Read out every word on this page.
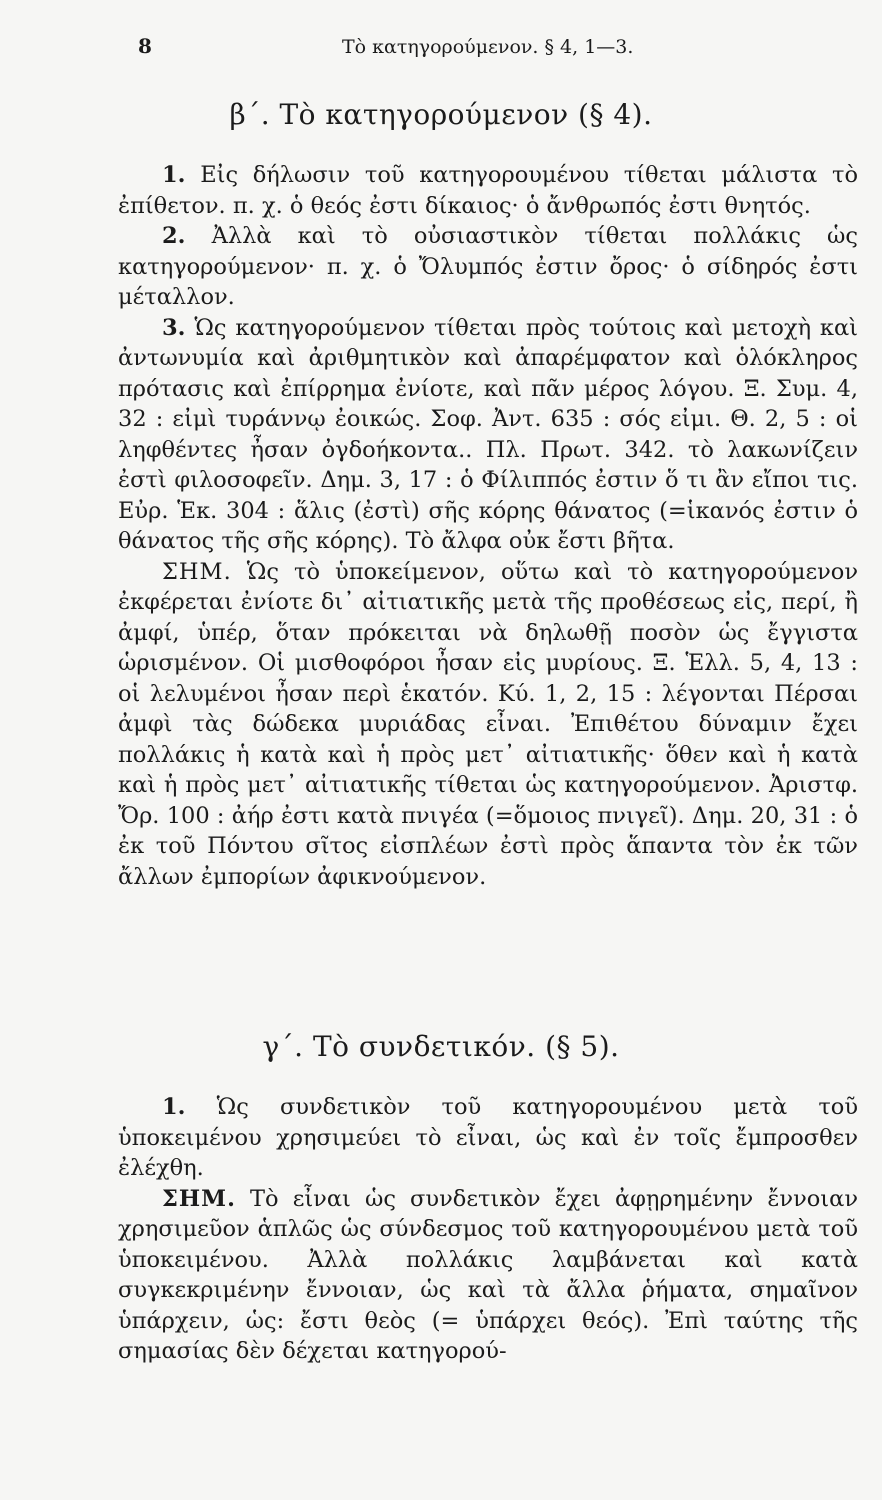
8	Τὸ κατηγορούμενον. § 4, 1—3.
β΄. Τὸ κατηγορούμενον (§ 4).

1. Εἰς δήλωσιν τοῦ κατηγορουμένου τίθεται μάλιστα τὸ ἐπίθετον. π. χ. ὁ θεός ἐστι δίκαιος· ὁ ἄνθρωπός ἐστι θνητός.

2. Ἀλλὰ καὶ τὸ οὐσιαστικὸν τίθεται πολλάκις ὡς κατηγορούμενον· π. χ. ὁ Ὄλυμπός ἐστιν ὄρος· ὁ σίδηρός ἐστι μέταλλον.

3. Ὡς κατηγορούμενον τίθεται πρὸς τούτοις καὶ μετοχὴ καὶ ἀντωνυμία καὶ ἀριθμητικὸν καὶ ἀπαρέμφατον καὶ ὁλόκληρος πρότασις καὶ ἐπίρρημα ἐνίοτε, καὶ πᾶν μέρος λόγου. Ξ. Συμ. 4, 32 : εἰμὶ τυράννῳ ἐοικώς. Σοφ. Ἀντ. 635 : σός εἰμι. Θ. 2, 5 : οἱ ληφθέντες ἦσαν ὀγδοήκοντα.. Πλ. Πρωτ. 342. τὸ λακωνίζειν ἐστὶ φιλοσοφεῖν. Δημ. 3, 17 : ὁ Φίλιππός ἐστιν ὅ τι ἂν εἴποι τις. Εὐρ. Ἑκ. 304 : ἅλις (ἐστὶ) σῆς κόρης θάνατος (=ἱκανός ἐστιν ὁ θάνατος τῆς σῆς κόρης). Τὸ ἄλφα οὐκ ἔστι βῆτα.

ΣΗΜ. Ὡς τὸ ὑποκείμενον, οὕτω καὶ τὸ κατηγορούμενον ἐκφέρεται ἐνίοτε δι᾽ αἰτιατικῆς μετὰ τῆς προθέσεως εἰς, περί, ἢ ἀμφί, ὑπέρ, ὅταν πρόκειται νὰ δηλωθῇ ποσὸν ὡς ἔγγιστα ὡρισμένον. Οἱ μισθοφόροι ἦσαν εἰς μυρίους. Ξ. Ἑλλ. 5, 4, 13 : οἱ λελυμένοι ἦσαν περὶ ἑκατόν. Κύ. 1, 2, 15 : λέγονται Πέρσαι ἀμφὶ τὰς δώδεκα μυριάδας εἶναι. Ἐπιθέτου δύναμιν ἔχει πολλάκις ἡ κατὰ καὶ ἡ πρὸς μετ᾽ αἰτιατικῆς· ὅθεν καὶ ἡ κατὰ καὶ ἡ πρὸς μετ᾽ αἰτιατικῆς τίθεται ὡς κατηγορούμενον. Ἀριστφ. Ὄρ. 100 : ἀήρ ἐστι κατὰ πνιγέα (=ὅμοιος πνιγεῖ). Δημ. 20, 31 : ὁ ἐκ τοῦ Πόντου σῖτος εἰσπλέων ἐστὶ πρὸς ἅπαντα τὸν ἐκ τῶν ἄλλων ἐμπορίων ἀφικνούμενον.

γ΄. Τὸ συνδετικόν. (§ 5).

1. Ὡς συνδετικὸν τοῦ κατηγορουμένου μετὰ τοῦ ὑποκειμένου χρησιμεύει τὸ εἶναι, ὡς καὶ ἐν τοῖς ἔμπροσθεν ἐλέχθη.

ΣΗΜ. Τὸ εἶναι ὡς συνδετικὸν ἔχει ἀφῃρημένην ἔννοιαν χρησιμεῦον ἁπλῶς ὡς σύνδεσμος τοῦ κατηγορουμένου μετὰ τοῦ ὑποκειμένου. Ἀλλὰ πολλάκις λαμβάνεται καὶ κατὰ συγκεκριμένην ἔννοιαν, ὡς καὶ τὰ ἄλλα ῥήματα, σημαῖνον ὑπάρχειν, ὡς: ἔστι θεὸς (= ὑπάρχει θεός). Ἐπὶ ταύτης τῆς σημασίας δὲν δέχεται κατηγορού-
